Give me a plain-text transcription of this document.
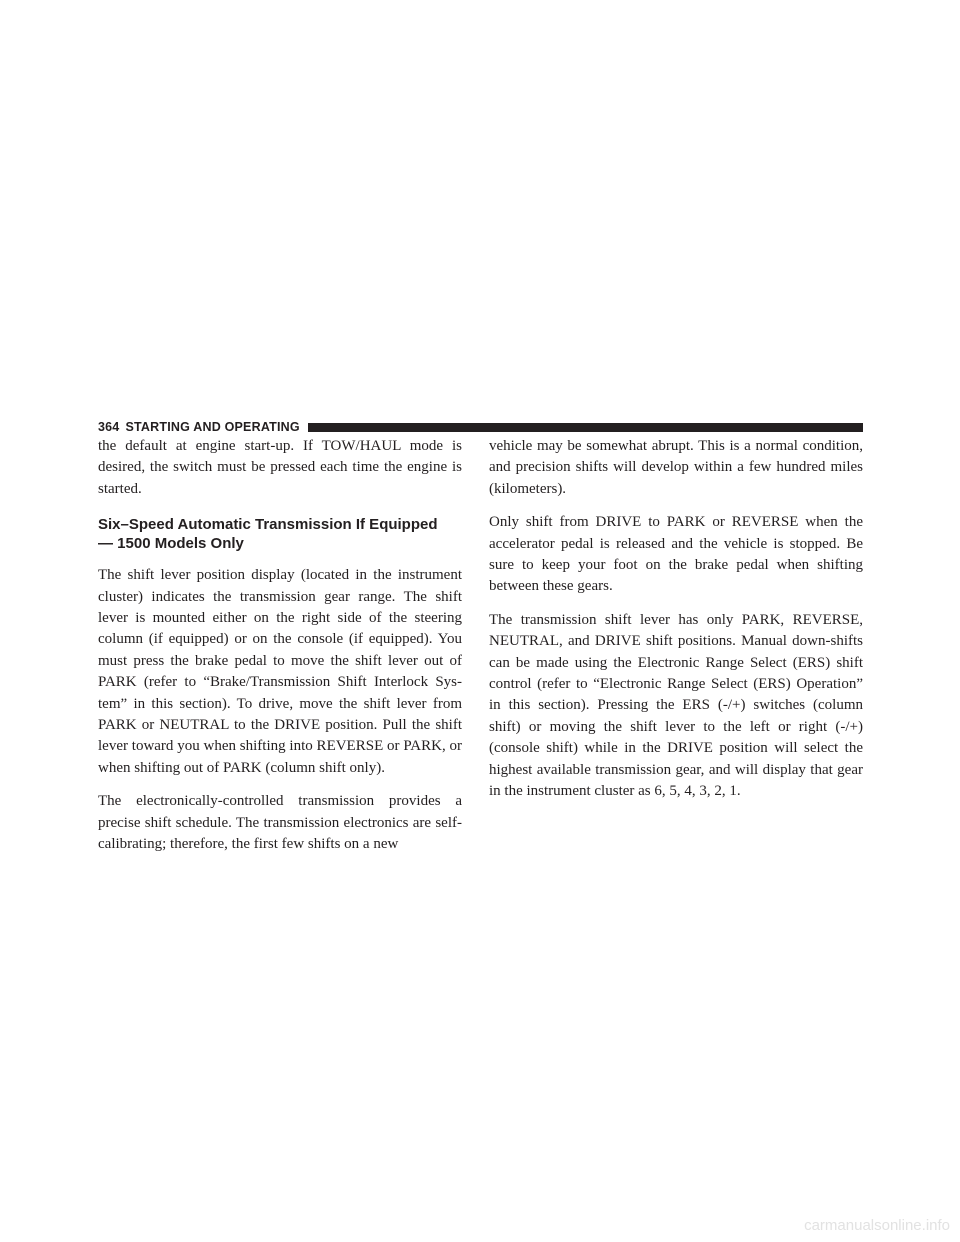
364 STARTING AND OPERATING

the default at engine start-up. If TOW/HAUL mode is desired, the switch must be pressed each time the engine is started.

Six–Speed Automatic Transmission If Equipped
— 1500 Models Only

The shift lever position display (located in the instrument cluster) indicates the transmission gear range. The shift lever is mounted either on the right side of the steering column (if equipped) or on the console (if equipped). You must press the brake pedal to move the shift lever out of PARK (refer to “Brake/Transmission Shift Interlock Sys-tem” in this section). To drive, move the shift lever from PARK or NEUTRAL to the DRIVE position. Pull the shift lever toward you when shifting into REVERSE or PARK, or when shifting out of PARK (column shift only).

The electronically-controlled transmission provides a precise shift schedule. The transmission electronics are self-calibrating; therefore, the first few shifts on a new

vehicle may be somewhat abrupt. This is a normal condition, and precision shifts will develop within a few hundred miles (kilometers).

Only shift from DRIVE to PARK or REVERSE when the accelerator pedal is released and the vehicle is stopped. Be sure to keep your foot on the brake pedal when shifting between these gears.

The transmission shift lever has only PARK, REVERSE, NEUTRAL, and DRIVE shift positions. Manual down-shifts can be made using the Electronic Range Select (ERS) shift control (refer to “Electronic Range Select (ERS) Operation” in this section). Pressing the ERS (-/+) switches (column shift) or moving the shift lever to the left or right (-/+) (console shift) while in the DRIVE position will select the highest available transmission gear, and will display that gear in the instrument cluster as 6, 5, 4, 3, 2, 1.

carmanualsonline.info
